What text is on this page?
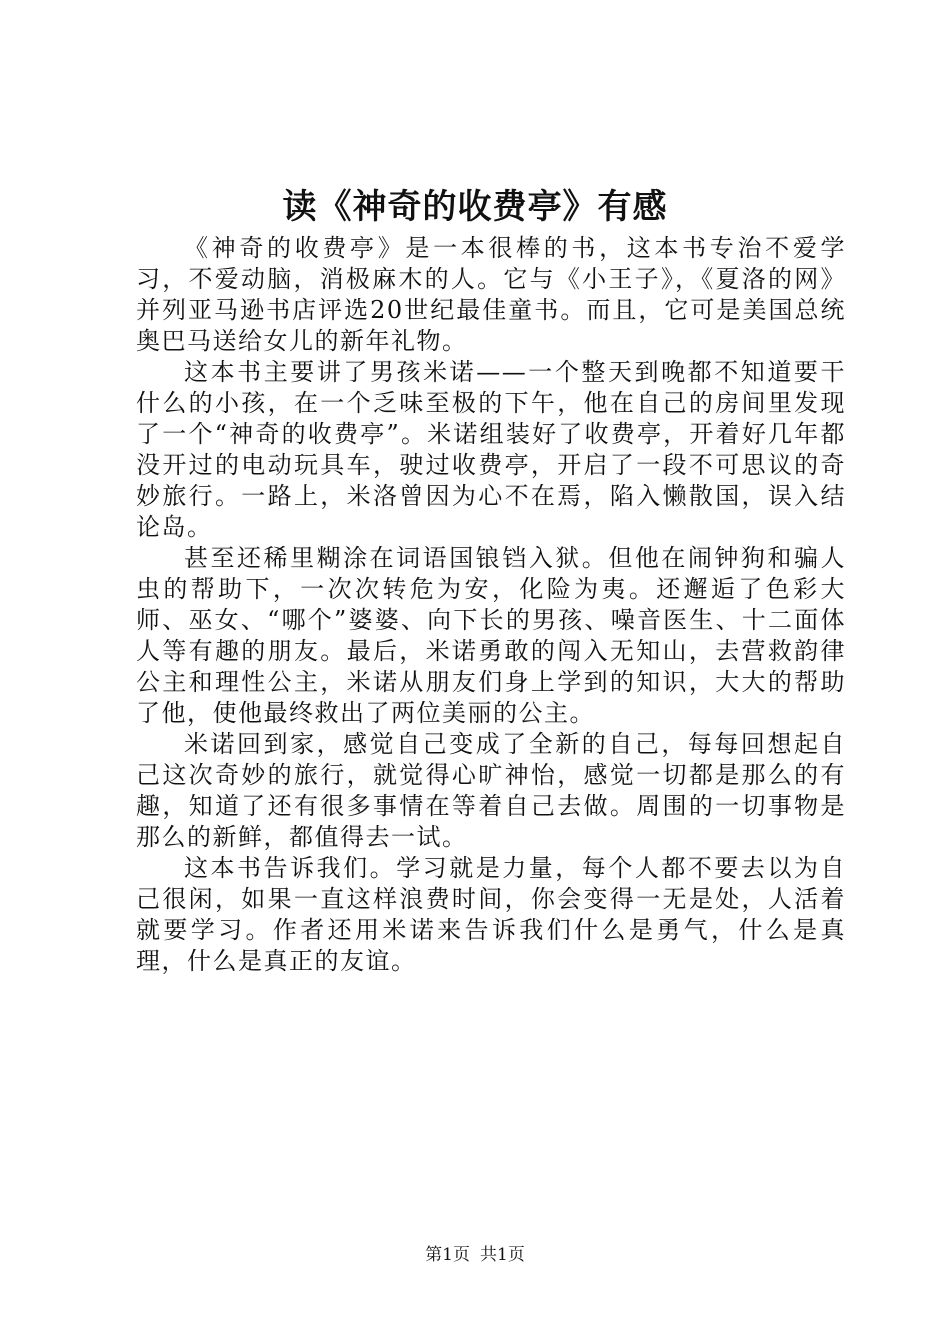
读《神奇的收费亭》有感

《神奇的收费亭》是一本很棒的书，这本书专治不爱学习，不爱动脑，消极麻木的人。它与《小王子》，《夏洛的网》并列亚马逊书店评选20世纪最佳童书。而且，它可是美国总统奥巴马送给女儿的新年礼物。

这本书主要讲了男孩米诺——一个整天到晚都不知道要干什么的小孩，在一个乏味至极的下午，他在自己的房间里发现了一个“神奇的收费亭”。米诺组装好了收费亭，开着好几年都没开过的电动玩具车，驶过收费亭，开启了一段不可思议的奇妙旅行。一路上，米洛曾因为心不在焉，陷入懒散国，误入结论岛。

甚至还稀里糊涂在词语国锒铛入狱。但他在闹钟狗和骗人虫的帮助下，一次次转危为安，化险为夷。还邂逅了色彩大师、巫女、“哪个”婆婆、向下长的男孩、噪音医生、十二面体人等有趣的朋友。最后，米诺勇敢的闯入无知山，去营救韵律公主和理性公主，米诺从朋友们身上学到的知识，大大的帮助了他，使他最终救出了两位美丽的公主。

米诺回到家，感觉自己变成了全新的自己，每每回想起自己这次奇妙的旅行，就觉得心旷神怡，感觉一切都是那么的有趣，知道了还有很多事情在等着自己去做。周围的一切事物是那么的新鲜，都值得去一试。

这本书告诉我们。学习就是力量，每个人都不要去以为自己很闲，如果一直这样浪费时间，你会变得一无是处，人活着就要学习。作者还用米诺来告诉我们什么是勇气，什么是真理，什么是真正的友谊。

第1页 共1页
